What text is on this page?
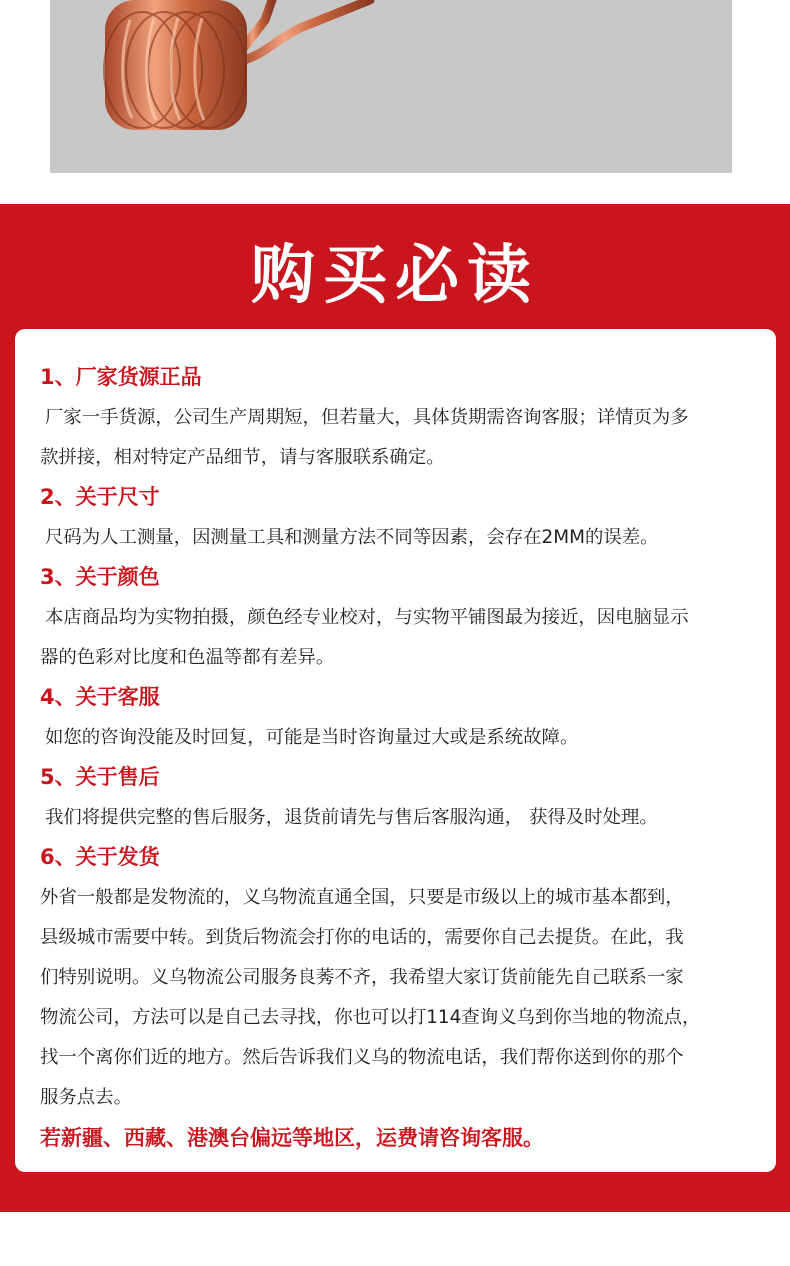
购买必读
1、厂家货源正品
厂家一手货源，公司生产周期短，但若量大，具体货期需咨询客服；详情页为多
款拼接，相对特定产品细节，请与客服联系确定。
2、关于尺寸
尺码为人工测量，因测量工具和测量方法不同等因素，会存在2MM的误差。
3、关于颜色
本店商品均为实物拍摄，颜色经专业校对，与实物平铺图最为接近，因电脑显示
器的色彩对比度和色温等都有差异。
4、关于客服
如您的咨询没能及时回复，可能是当时咨询量过大或是系统故障。
5、关于售后
我们将提供完整的售后服务，退货前请先与售后客服沟通， 获得及时处理。
6、关于发货
外省一般都是发物流的，义乌物流直通全国，只要是市级以上的城市基本都到，
县级城市需要中转。到货后物流会打你的电话的，需要你自己去提货。在此，我
们特别说明。义乌物流公司服务良莠不齐，我希望大家订货前能先自己联系一家
物流公司，方法可以是自己去寻找，你也可以打114查询义乌到你当地的物流点，
找一个离你们近的地方。然后告诉我们义乌的物流电话，我们帮你送到你的那个
服务点去。
若新疆、西藏、港澳台偏远等地区，运费请咨询客服。
